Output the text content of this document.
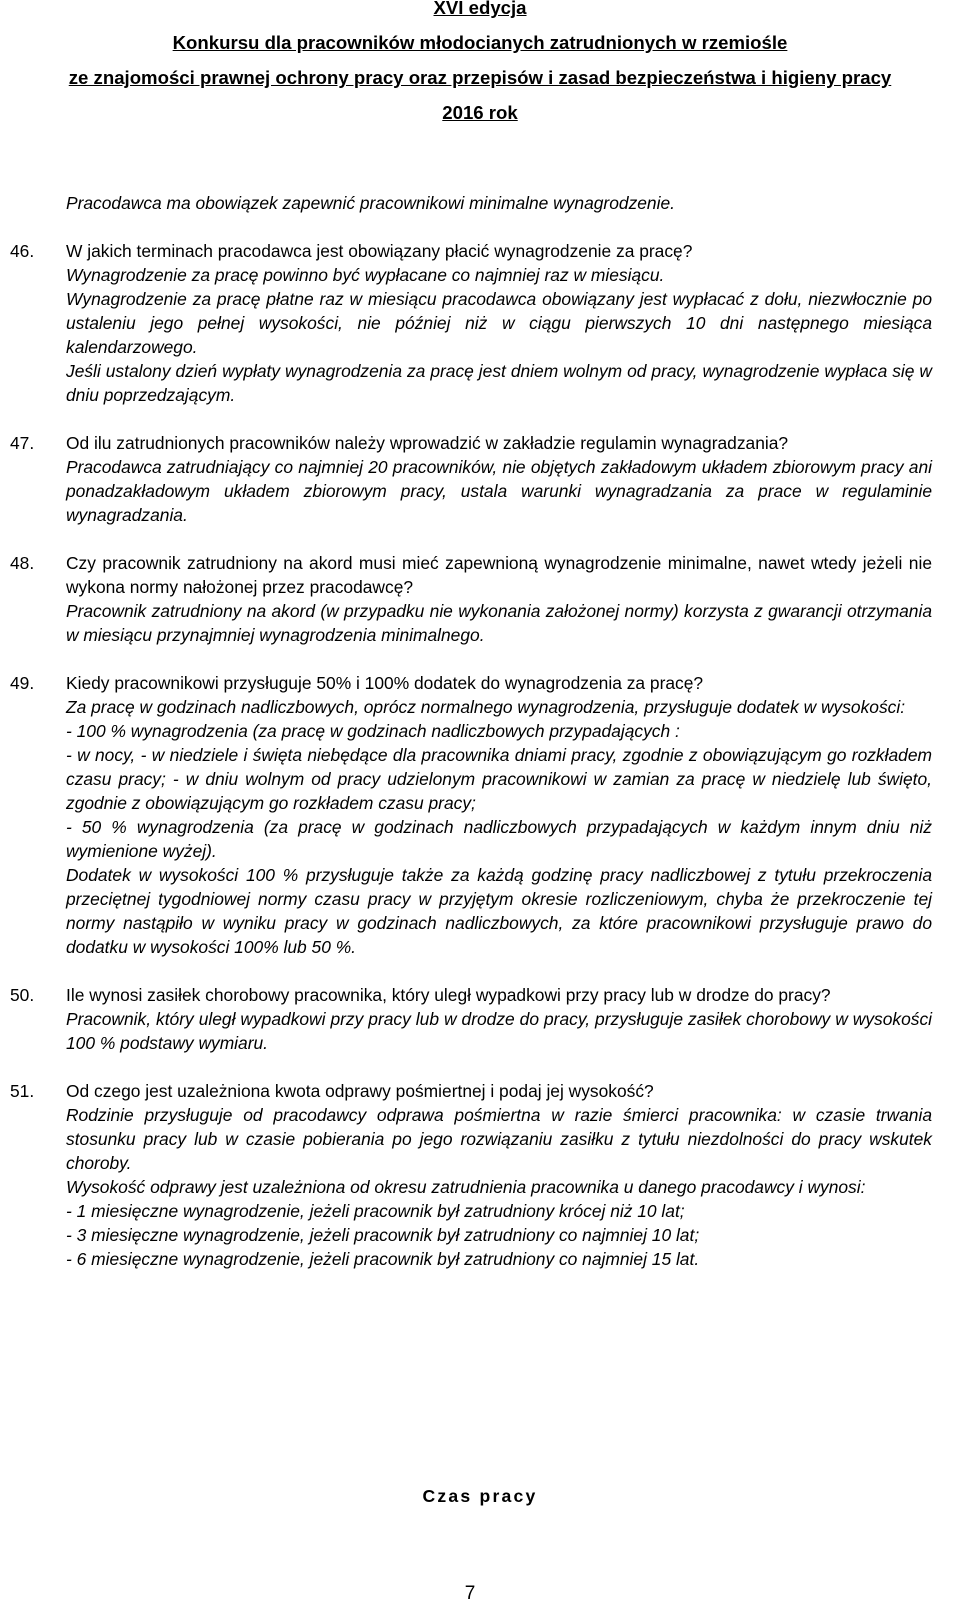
XVI edycja
Konkursu dla pracowników młodocianych zatrudnionych w rzemiośle
ze znajomości prawnej ochrony pracy oraz przepisów i zasad bezpieczeństwa i higieny pracy
2016 rok
Pracodawca ma obowiązek zapewnić pracownikowi minimalne wynagrodzenie.
46. W jakich terminach pracodawca jest obowiązany płacić wynagrodzenie za pracę?
Wynagrodzenie za pracę powinno być wypłacane co najmniej raz w miesiącu.
Wynagrodzenie za pracę płatne raz w miesiącu pracodawca obowiązany jest wypłacać z dołu, niezwłocznie po ustaleniu jego pełnej wysokości, nie później niż w ciągu pierwszych 10 dni następnego miesiąca kalendarzowego.
Jeśli ustalony dzień wypłaty wynagrodzenia za pracę jest dniem wolnym od pracy, wynagrodzenie wypłaca się w dniu poprzedzającym.
47. Od ilu zatrudnionych pracowników należy wprowadzić w zakładzie regulamin wynagradzania?
Pracodawca zatrudniający co najmniej 20 pracowników, nie objętych zakładowym układem zbiorowym pracy ani ponadzakładowym układem zbiorowym pracy, ustala warunki wynagradzania za prace w regulaminie wynagradzania.
48. Czy pracownik zatrudniony na akord musi mieć zapewnioną wynagrodzenie minimalne, nawet wtedy jeżeli nie wykona normy nałożonej przez pracodawcę?
Pracownik zatrudniony na akord (w przypadku nie wykonania założonej normy) korzysta z gwarancji otrzymania w miesiącu przynajmniej wynagrodzenia minimalnego.
49. Kiedy pracownikowi przysługuje 50% i 100% dodatek do wynagrodzenia za pracę?
Za pracę w godzinach nadliczbowych, oprócz normalnego wynagrodzenia, przysługuje dodatek w wysokości:
- 100 % wynagrodzenia (za pracę w godzinach nadliczbowych przypadających :
- w nocy, - w niedziele i święta niebędące dla pracownika dniami pracy, zgodnie z obowiązującym go rozkładem czasu pracy; - w dniu wolnym od pracy udzielonym pracownikowi w zamian za pracę w niedzielę lub święto, zgodnie z obowiązującym go rozkładem czasu pracy;
- 50 % wynagrodzenia (za pracę w godzinach nadliczbowych przypadających w każdym innym dniu niż wymienione wyżej).
Dodatek w wysokości 100 % przysługuje także za każdą godzinę pracy nadliczbowej z tytułu przekroczenia przeciętnej tygodniowej normy czasu pracy w przyjętym okresie rozliczeniowym, chyba że przekroczenie tej normy nastąpiło w wyniku pracy w godzinach nadliczbowych, za które pracownikowi przysługuje prawo do dodatku w wysokości 100% lub 50 %.
50. Ile wynosi zasiłek chorobowy pracownika, który uległ wypadkowi przy pracy lub w drodze do pracy?
Pracownik, który uległ wypadkowi przy pracy lub w drodze do pracy, przysługuje zasiłek chorobowy w wysokości 100 % podstawy wymiaru.
51. Od czego jest uzależniona kwota odprawy pośmiertnej i podaj jej wysokość?
Rodzinie przysługuje od pracodawcy odprawa pośmiertna w razie śmierci pracownika: w czasie trwania stosunku pracy lub w czasie pobierania po jego rozwiązaniu zasiłku z tytułu niezdolności do pracy wskutek choroby.
Wysokość odprawy jest uzależniona od okresu zatrudnienia pracownika u danego pracodawcy i wynosi:
- 1 miesięczne wynagrodzenie, jeżeli pracownik był zatrudniony krócej niż 10 lat;
- 3 miesięczne wynagrodzenie, jeżeli pracownik był zatrudniony co najmniej 10 lat;
- 6 miesięczne wynagrodzenie, jeżeli pracownik był zatrudniony co najmniej 15 lat.
Czas pracy
7
